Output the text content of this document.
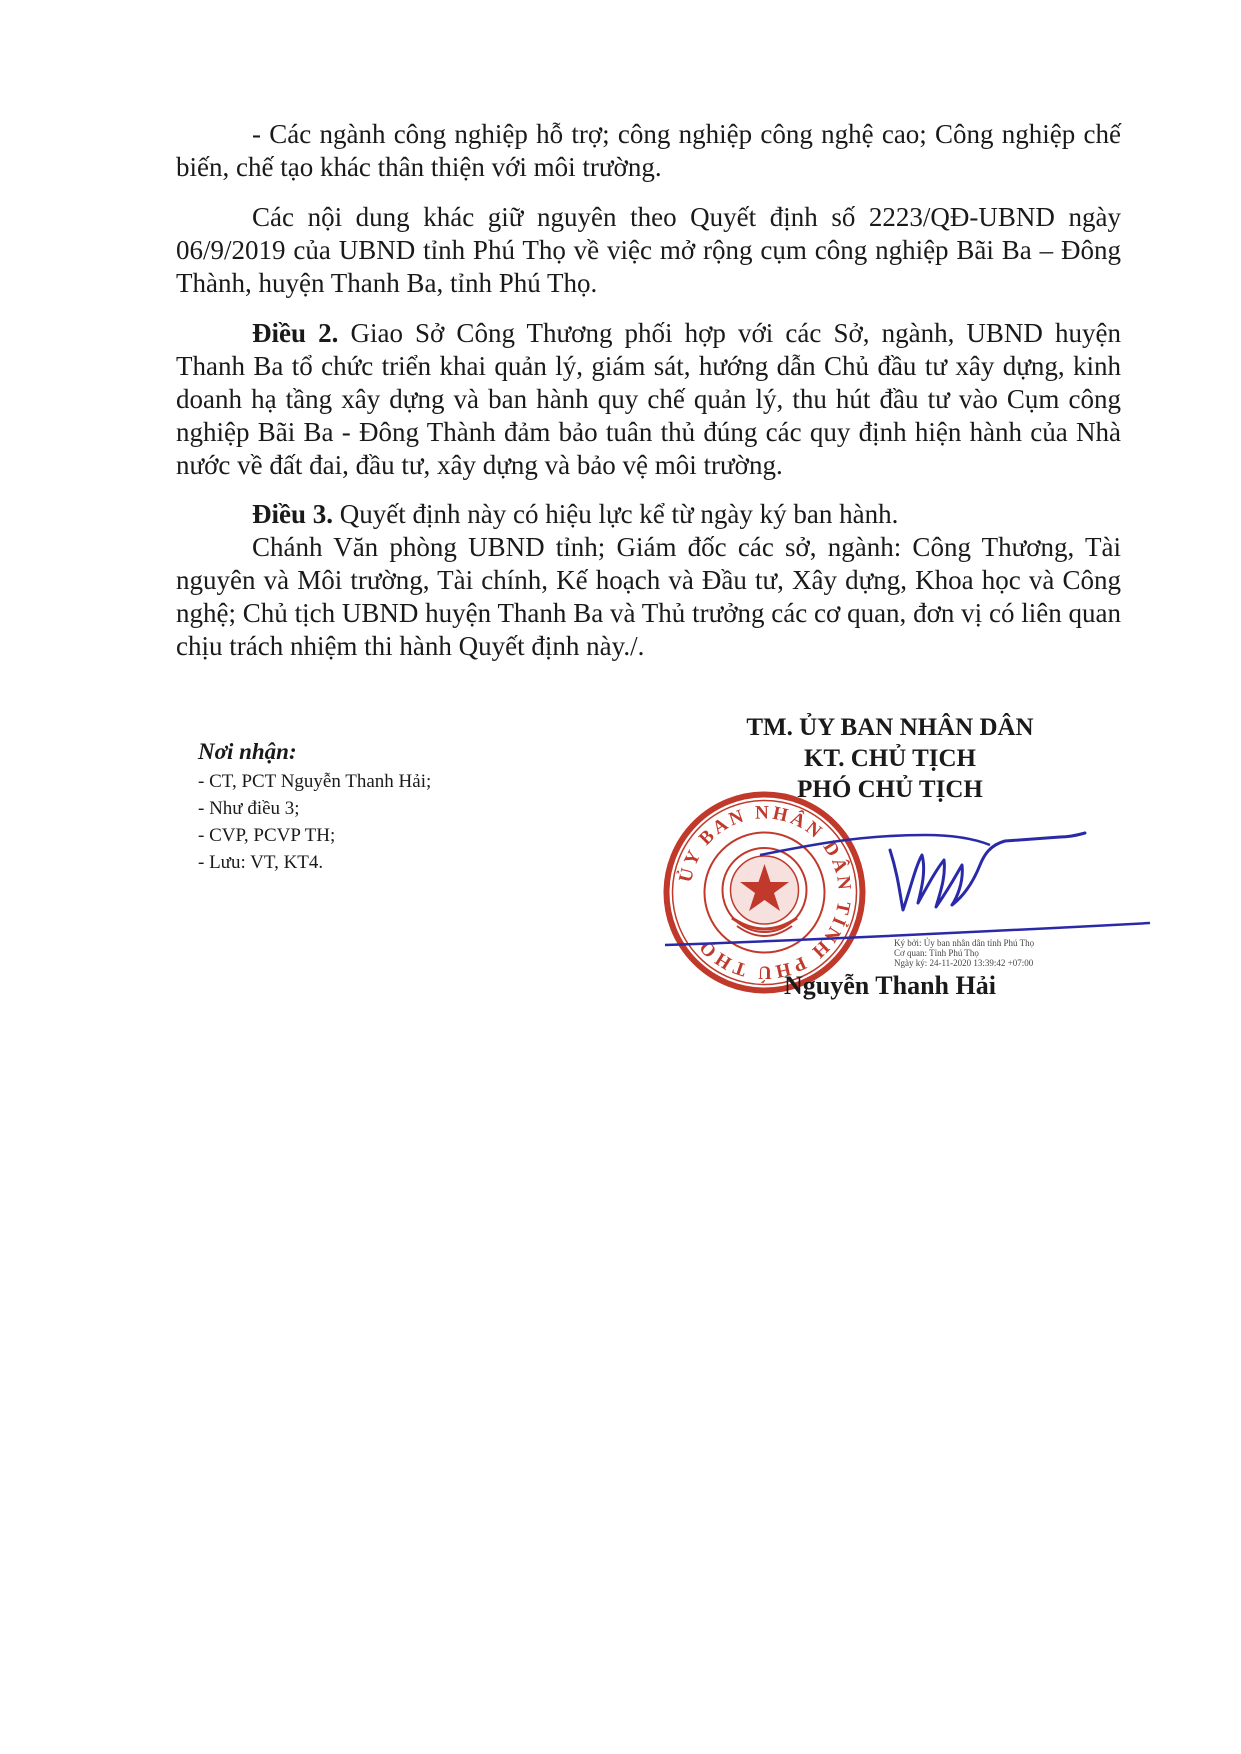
- Các ngành công nghiệp hỗ trợ; công nghiệp công nghệ cao; Công nghiệp chế biến, chế tạo khác thân thiện với môi trường.

Các nội dung khác giữ nguyên theo Quyết định số 2223/QĐ-UBND ngày 06/9/2019 của UBND tỉnh Phú Thọ về việc mở rộng cụm công nghiệp Bãi Ba – Đông Thành, huyện Thanh Ba, tỉnh Phú Thọ.

Điều 2. Giao Sở Công Thương phối hợp với các Sở, ngành, UBND huyện Thanh Ba tổ chức triển khai quản lý, giám sát, hướng dẫn Chủ đầu tư xây dựng, kinh doanh hạ tầng xây dựng và ban hành quy chế quản lý, thu hút đầu tư vào Cụm công nghiệp Bãi Ba - Đông Thành đảm bảo tuân thủ đúng các quy định hiện hành của Nhà nước về đất đai, đầu tư, xây dựng và bảo vệ môi trường.

Điều 3. Quyết định này có hiệu lực kể từ ngày ký ban hành.

Chánh Văn phòng UBND tỉnh; Giám đốc các sở, ngành: Công Thương, Tài nguyên và Môi trường, Tài chính, Kế hoạch và Đầu tư, Xây dựng, Khoa học và Công nghệ; Chủ tịch UBND huyện Thanh Ba và Thủ trưởng các cơ quan, đơn vị có liên quan chịu trách nhiệm thi hành Quyết định này./.

Nơi nhận:

- CT, PCT Nguyễn Thanh Hải;

- Như điều 3;

- CVP, PCVP TH;

- Lưu: VT, KT4.

TM. ỦY BAN NHÂN DÂN

KT. CHỦ TỊCH

PHÓ CHỦ TỊCH

ỦY BAN NHÂN DÂN TỈNH PHÚ THỌ	Ký bởi: Ủy ban nhân dân tỉnh Phú Thọ

Cơ quan: Tỉnh Phú Thọ

Ngày ký: 24-11-2020 13:39:42 +07:00

Nguyễn Thanh Hải
